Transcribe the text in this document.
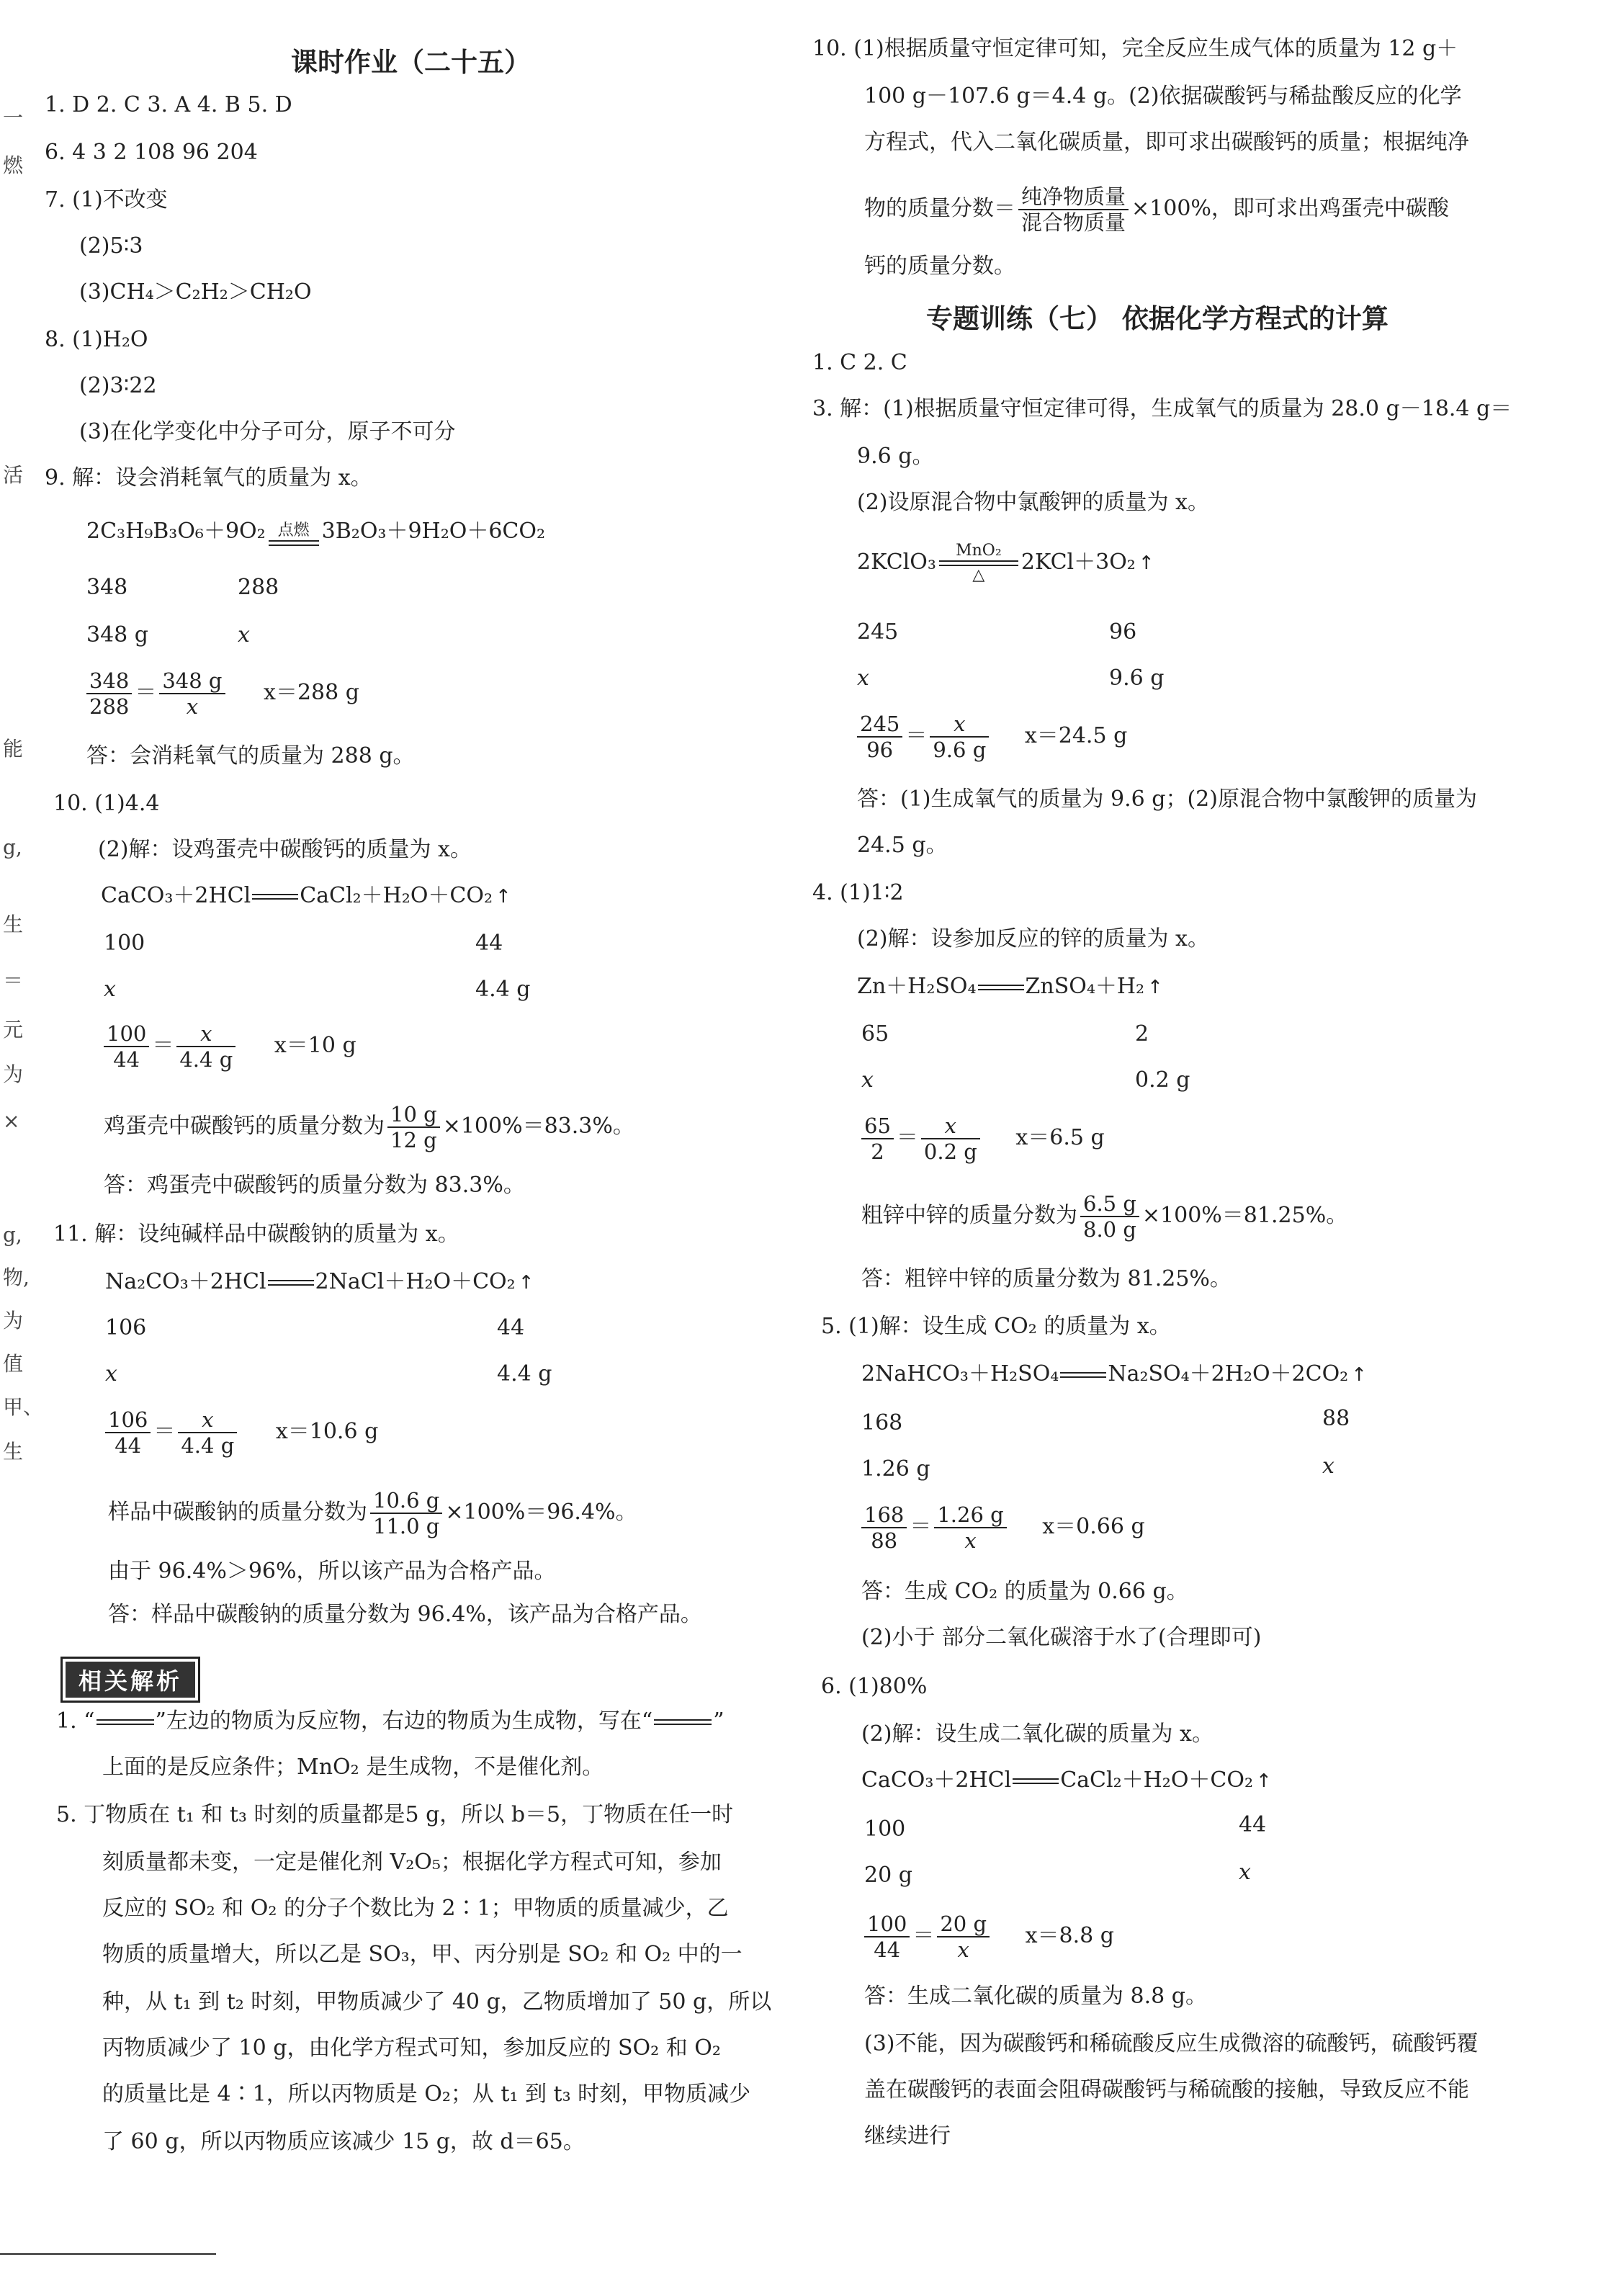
一
燃
活
能
g,
生
＝
元
为
×
g,
物,
为
值
甲、
生
课时作业（二十五）
1. D 2. C 3. A 4. B 5. D
6. 4 3 2 108 96 204
7. (1)不改变
(2)5∶3
(3)CH₄＞C₂H₂＞CH₂O
8. (1)H₂O
(2)3∶22
(3)在化学变化中分子可分，原子不可分
9. 解：设会消耗氧气的质量为 x。
2C₃H₉B₃O₆＋9O₂ 点燃 3B₂O₃＋9H₂O＋6CO₂
348	288
348 g	x
$\frac{348}{288} = \frac{348 g}{x} x=288$ g
答：会消耗氧气的质量为 288 g。
10. (1)4.4
(2)解：设鸡蛋壳中碳酸钙的质量为 x。
CaCO₃＋2HCl CaCl₂＋H₂O＋CO₂ ↑
100	44
x	4.4 g
$\frac{100}{44} = \frac{x}{4.4 g} x=10$ g
鸡蛋壳中碳酸钙的质量分数为 $\frac{10 g}{12 g} \times 100\%=83.3\%$。
答：鸡蛋壳中碳酸钙的质量分数为 83.3%。
11. 解：设纯碱样品中碳酸钠的质量为 x。
Na₂CO₃＋2HCl 2NaCl＋H₂O＋CO₂ ↑
106	44
x	4.4 g
$\frac{106}{44} = \frac{x}{4.4 g} x=10.6$ g
样品中碳酸钠的质量分数为 $\frac{10.6 g}{11.0 g} \times 100\%=96.4\%$。
由于 96.4%＞96%，所以该产品为合格产品。
答：样品中碳酸钠的质量分数为 96.4%，该产品为合格产品。
相关解析
1. “	”左边的物质为反应物，右边的物质为生成物，写在“	”
上面的是反应条件；MnO₂ 是生成物，不是催化剂。
5. 丁物质在 t₁ 和 t₃ 时刻的质量都是5 g，所以 b＝5，丁物质在任一时
刻质量都未变，一定是催化剂 V₂O₅；根据化学方程式可知，参加
反应的 SO₂ 和 O₂ 的分子个数比为 2∶1；甲物质的质量减少，乙
物质的质量增大，所以乙是 SO₃，甲、丙分别是 SO₂ 和 O₂ 中的一
种，从 t₁ 到 t₂ 时刻，甲物质减少了 40 g，乙物质增加了 50 g，所以
丙物质减少了 10 g，由化学方程式可知，参加反应的 SO₂ 和 O₂
的质量比是 4∶1，所以丙物质是 O₂；从 t₁ 到 t₃ 时刻，甲物质减少
了 60 g，所以丙物质应该减少 15 g，故 d＝65。
10. (1)根据质量守恒定律可知，完全反应生成气体的质量为 12 g＋
100 g－107.6 g＝4.4 g。(2)依据碳酸钙与稀盐酸反应的化学
方程式，代入二氧化碳质量，即可求出碳酸钙的质量；根据纯净
物的质量分数＝ $\frac{\text{纯净物质量}}{\text{混合物质量}} \times 100\%$，即可求出鸡蛋壳中碳酸
钙的质量分数。
专题训练（七） 依据化学方程式的计算
1. C 2. C
3. 解：(1)根据质量守恒定律可得，生成氧气的质量为 28.0 g－18.4 g＝
9.6 g。
(2)设原混合物中氯酸钾的质量为 x。
2KClO₃	MnO₂
△
2KCl＋3O₂ ↑
245	96
x	9.6 g
$\frac{245}{96} = \frac{x}{9.6 g} x=24.5$ g
答：(1)生成氧气的质量为 9.6 g；(2)原混合物中氯酸钾的质量为
24.5 g。
4. (1)1∶2
(2)解：设参加反应的锌的质量为 x。
Zn＋H₂SO₄ ZnSO₄＋H₂ ↑
65	2
x	0.2 g
$\frac{65}{2} = \frac{x}{0.2 g} x=6.5$ g
粗锌中锌的质量分数为 $\frac{6.5 g}{8.0 g} \times 100\%=81.25\%$。
答：粗锌中锌的质量分数为 81.25%。
5. (1)解：设生成 CO₂ 的质量为 x。
2NaHCO₃＋H₂SO₄ Na₂SO₄＋2H₂O＋2CO₂ ↑
168	88
1.26 g	x
$\frac{168}{88} = \frac{1.26 g}{x} x=0.66$ g
答：生成 CO₂ 的质量为 0.66 g。
(2)小于 部分二氧化碳溶于水了(合理即可)
6. (1)80%
(2)解：设生成二氧化碳的质量为 x。
CaCO₃＋2HCl CaCl₂＋H₂O＋CO₂ ↑
100	44
20 g	x
$\frac{100}{44} = \frac{20 g}{x} x=8.8$ g
答：生成二氧化碳的质量为 8.8 g。
(3)不能，因为碳酸钙和稀硫酸反应生成微溶的硫酸钙，硫酸钙覆
盖在碳酸钙的表面会阻碍碳酸钙与稀硫酸的接触，导致反应不能
继续进行
